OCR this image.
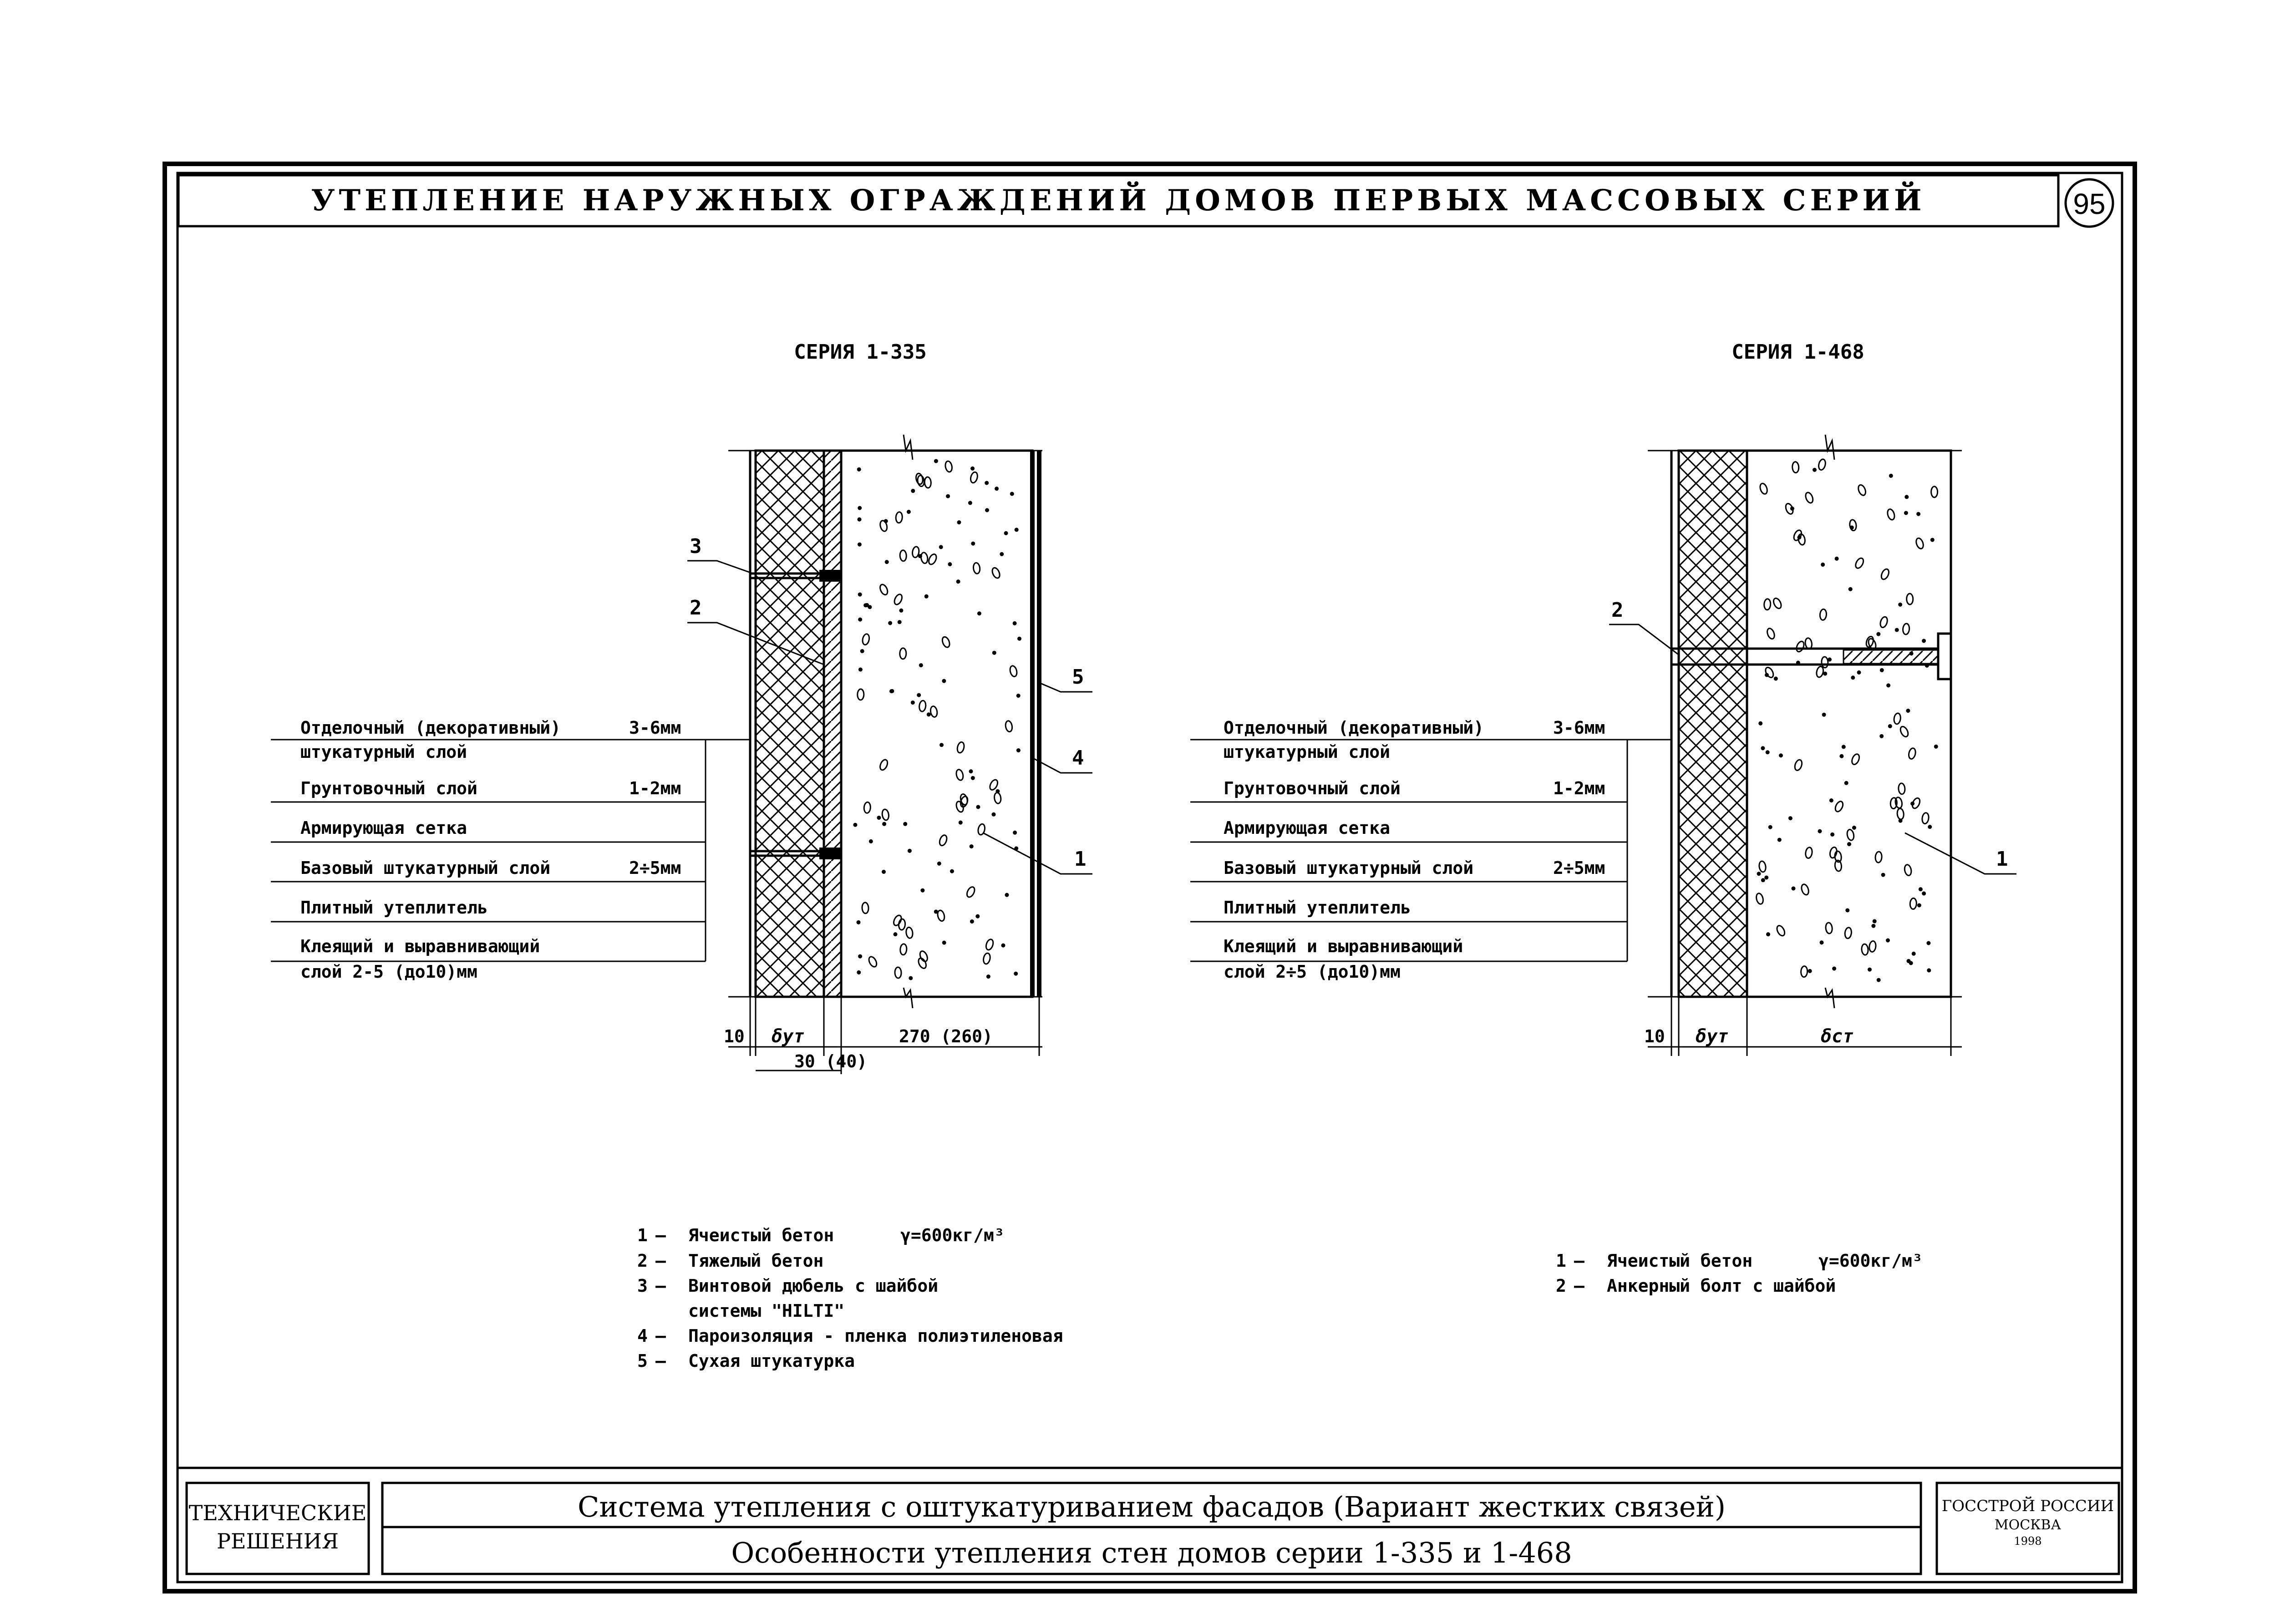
УТЕПЛЕНИЕ НАРУЖНЫХ ОГРАЖДЕНИЙ ДОМОВ ПЕРВЫХ МАССОВЫХ СЕРИЙ	95
СЕРИЯ 1-335
Отделочный (декоративный)	3-6мм
штукатурный слой
Грунтовочный слой	1-2мм
Армирующая сетка
Базовый штукатурный слой	2÷5мм
Плитный утеплитель
Клеящий и выравнивающий
слой 2-5 (до10)мм
3
2
5
4
1
10 δут	270 (260)
30 (40)
1 – Ячеистый бетон	γ=600кг/м³
2 – Тяжелый бетон
3 – Винтовой дюбель с шайбой
системы "HILTI"
4 – Пароизоляция - пленка полиэтиленовая
5 – Сухая штукатурка
СЕРИЯ 1-468
Отделочный (декоративный)	3-6мм
штукатурный слой
Грунтовочный слой	1-2мм
Армирующая сетка
Базовый штукатурный слой	2÷5мм
Плитный утеплитель
Клеящий и выравнивающий
слой 2÷5 (до10)мм
2
1
10 δут	δст
1 – Ячеистый бетон	γ=600кг/м³
2 – Анкерный болт с шайбой
ТЕХНИЧЕСКИЕ
РЕШЕНИЯ
Система утепления с оштукатуриванием фасадов (Вариант жестких связей)
Особенности утепления стен домов серии 1-335 и 1-468
ГОССТРОЙ РОССИИ
МОСКВА
1998
